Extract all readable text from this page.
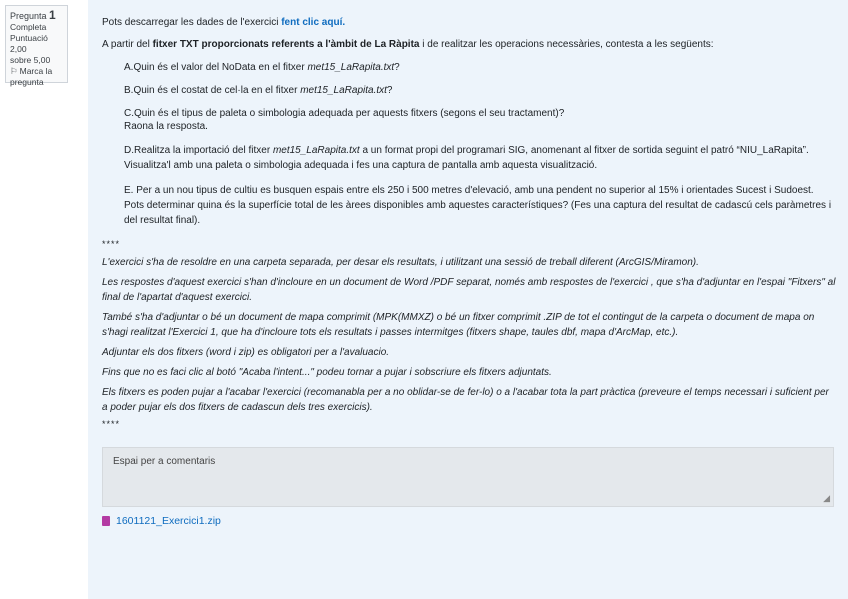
Pregunta 1
Completa
Puntuació 2,00
sobre 5,00
⚐ Marca la
pregunta

Pots descarregar les dades de l'exercici fent clic aquí.

A partir del fitxer TXT proporcionats referents a l'àmbit de La Ràpita i de realitzar les operacions necessàries, contesta a les següents:

A.Quin és el valor del NoData en el fitxer met15_LaRapita.txt?

B.Quin és el costat de cel·la en el fitxer met15_LaRapita.txt?

C.Quin és el tipus de paleta o simbologia adequada per aquests fitxers (segons el seu tractament)?
Raona la resposta.

D.Realitza la importació del fitxer met15_LaRapita.txt a un format propi del programari SIG, anomenant al fitxer de sortida seguint el patró “NIU_LaRapita”. Visualitza'l amb una paleta o simbologia adequada i fes una captura de pantalla amb aquesta visualització.

E. Per a un nou tipus de cultiu es busquen espais entre els 250 i 500 metres d'elevació, amb una pendent no superior al 15% i orientades Sucest i Sudoest. Pots determinar quina és la superfície total de les àrees disponibles amb aquestes característiques? (Fes una captura del resultat de cadascú cels paràmetres i del resultat final).

****

L'exercici s'ha de resoldre en una carpeta separada, per desar els resultats, i utilitzant una sessió de treball diferent (ArcGIS/Miramon).

Les respostes d'aquest exercici s'han d'incloure en un document de Word /PDF separat, només amb respostes de l'exercici , que s'ha d'adjuntar en l'espai "Fitxers" al final de l'apartat d'aquest exercici.

També s'ha d'adjuntar o bé un document de mapa comprimit (MPK(MMXZ) o bé un fitxer comprimit .ZIP de tot el contingut de la carpeta o document de mapa on s'hagi realitzat l'Exercici 1, que ha d'incloure tots els resultats i passes intermitges (fitxers shape, taules dbf, mapa d'ArcMap, etc.).

Adjuntar els dos fitxers (word i zip) es obligatori per a l'avaluacio.

Fins que no es faci clic al botó "Acaba l'intent..." podeu tornar a pujar i sobscriure els fitxers adjuntats.

Els fitxers es poden pujar a l'acabar l'exercici (recomanabla per a no oblidar-se de fer-lo) o a l'acabar tota la part pràctica (preveure el temps necessari i suficient per a poder pujar els dos fitxers de cadascun dels tres exercicis).

****

Espai per a comentaris
◢
1601121_Exercici1.zip
